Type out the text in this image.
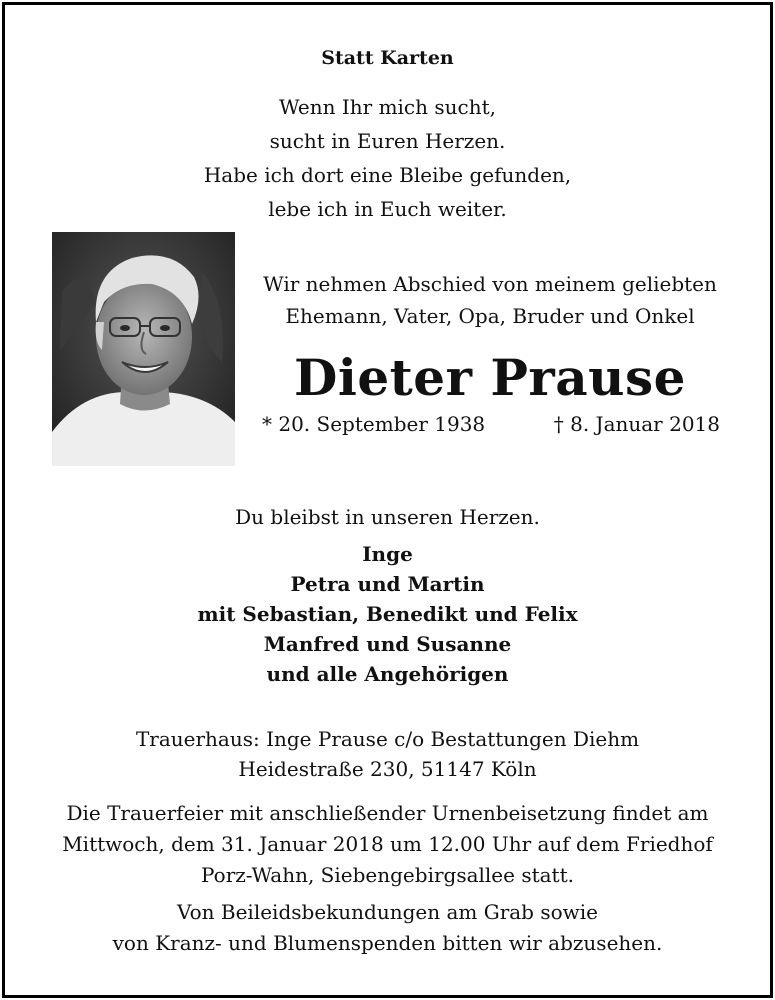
Statt Karten
Wenn Ihr mich sucht,
sucht in Euren Herzen.
Habe ich dort eine Bleibe gefunden,
lebe ich in Euch weiter.
Wir nehmen Abschied von meinem geliebten
Ehemann, Vater, Opa, Bruder und Onkel
Dieter Prause
* 20. September 1938	† 8. Januar 2018
Du bleibst in unseren Herzen.
Inge
Petra und Martin
mit Sebastian, Benedikt und Felix
Manfred und Susanne
und alle Angehörigen
Trauerhaus: Inge Prause c/o Bestattungen Diehm
Heidestraße 230, 51147 Köln
Die Trauerfeier mit anschließender Urnenbeisetzung findet am
Mittwoch, dem 31. Januar 2018 um 12.00 Uhr auf dem Friedhof
Porz-Wahn, Siebengebirgsallee statt.
Von Beileidsbekundungen am Grab sowie
von Kranz- und Blumenspenden bitten wir abzusehen.
